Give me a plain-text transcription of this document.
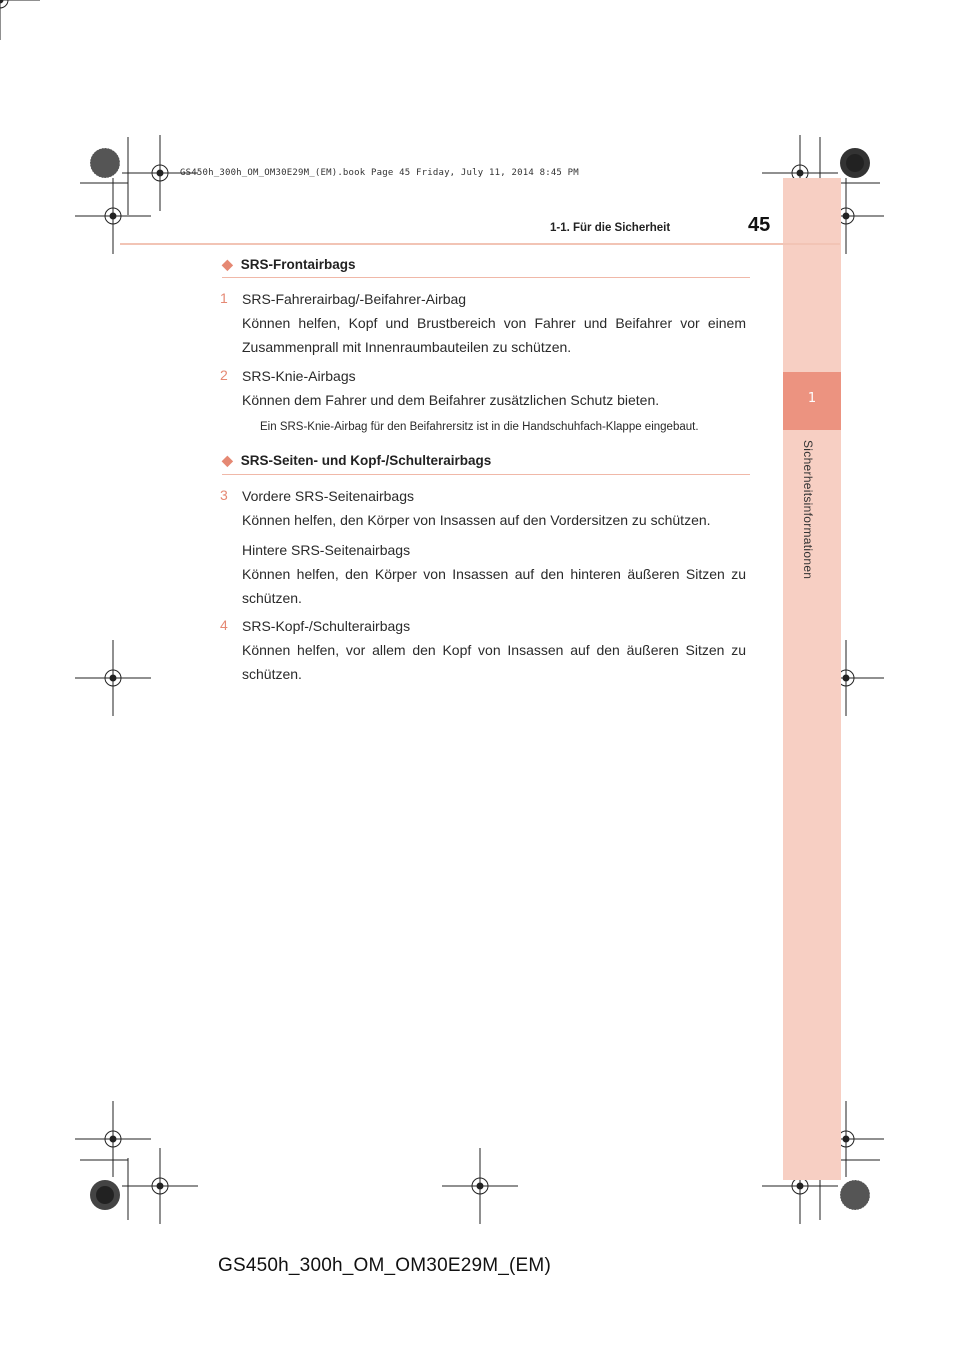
GS450h_300h_OM_OM30E29M_(EM).book Page 45 Friday, July 11, 2014 8:45 PM
1
Sicherheitsinformationen
1-1. Für die Sicherheit	45
◆ SRS-Frontairbags
1 SRS-Fahrerairbag/-Beifahrer-Airbag
Können helfen, Kopf und Brustbereich von Fahrer und Beifahrer vor einem Zusammenprall mit Innenraumbauteilen zu schützen.
2 SRS-Knie-Airbags
Können dem Fahrer und dem Beifahrer zusätzlichen Schutz bieten.
Ein SRS-Knie-Airbag für den Beifahrersitz ist in die Handschuhfach-Klappe eingebaut.
◆ SRS-Seiten- und Kopf-/Schulterairbags
3 Vordere SRS-Seitenairbags
Können helfen, den Körper von Insassen auf den Vordersitzen zu schützen.
Hintere SRS-Seitenairbags
Können helfen, den Körper von Insassen auf den hinteren äußeren Sitzen zu schützen.
4 SRS-Kopf-/Schulterairbags
Können helfen, vor allem den Kopf von Insassen auf den äußeren Sitzen zu schützen.
GS450h_300h_OM_OM30E29M_(EM)
